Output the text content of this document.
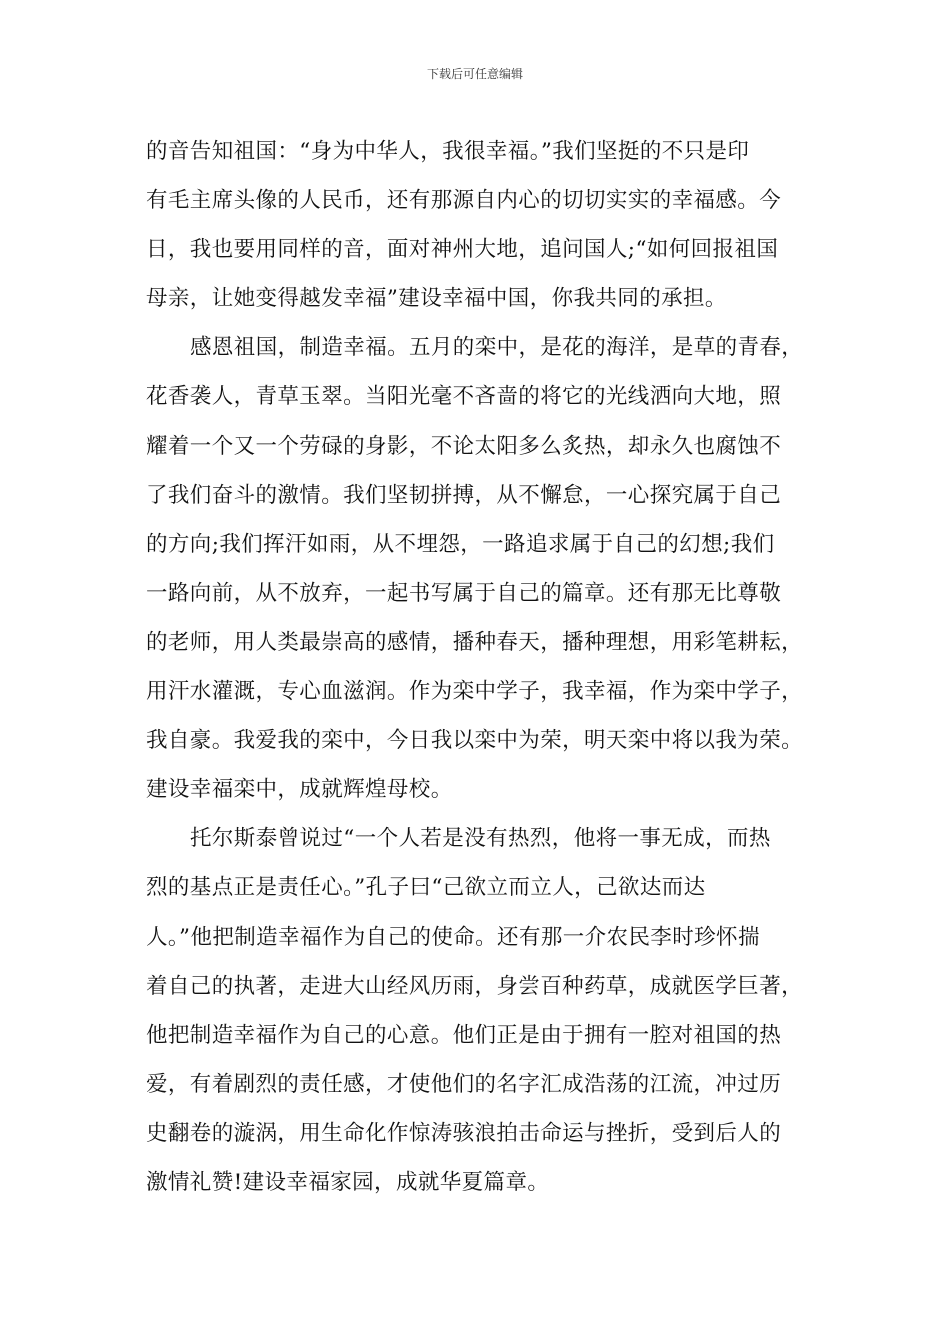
下载后可任意编辑
的音告知祖国：“身为中华人，我很幸福。”我们坚挺的不只是印
有毛主席头像的人民币，还有那源自内心的切切实实的幸福感。今
日，我也要用同样的音，面对神州大地，追问国人;“如何回报祖国
母亲，让她变得越发幸福”建设幸福中国，你我共同的承担。
感恩祖国，制造幸福。五月的栾中，是花的海洋，是草的青春，
花香袭人，青草玉翠。当阳光毫不吝啬的将它的光线洒向大地，照
耀着一个又一个劳碌的身影，不论太阳多么炙热，却永久也腐蚀不
了我们奋斗的激情。我们坚韧拼搏，从不懈怠，一心探究属于自己
的方向;我们挥汗如雨，从不埋怨，一路追求属于自己的幻想;我们
一路向前，从不放弃，一起书写属于自己的篇章。还有那无比尊敬
的老师，用人类最崇高的感情，播种春天，播种理想，用彩笔耕耘，
用汗水灌溉，专心血滋润。作为栾中学子，我幸福，作为栾中学子，
我自豪。我爱我的栾中，今日我以栾中为荣，明天栾中将以我为荣。
建设幸福栾中，成就辉煌母校。
托尔斯泰曾说过“一个人若是没有热烈，他将一事无成，而热
烈的基点正是责任心。”孔子曰“己欲立而立人，己欲达而达
人。”他把制造幸福作为自己的使命。还有那一介农民李时珍怀揣
着自己的执著，走进大山经风历雨，身尝百种药草，成就医学巨著，
他把制造幸福作为自己的心意。他们正是由于拥有一腔对祖国的热
爱，有着剧烈的责任感，才使他们的名字汇成浩荡的江流，冲过历
史翻卷的漩涡，用生命化作惊涛骇浪拍击命运与挫折，受到后人的
激情礼赞!建设幸福家园，成就华夏篇章。
